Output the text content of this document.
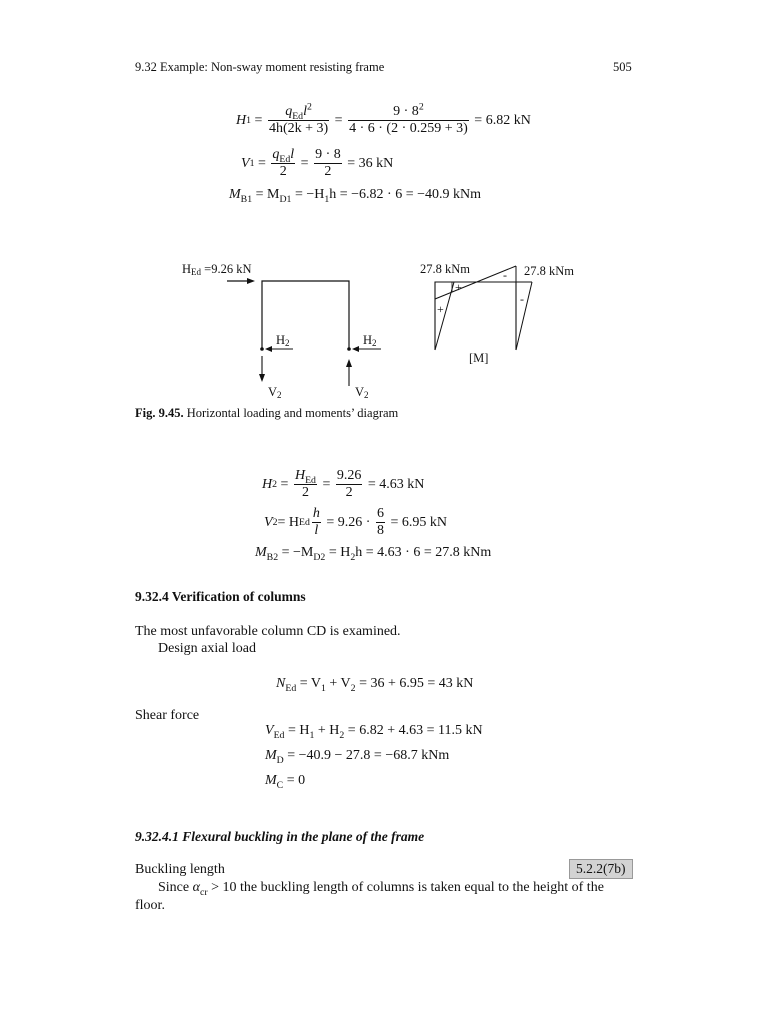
9.32 Example: Non-sway moment resisting frame	505
H $1 = \frac{q_{Ed}l^2}{4h(2k + 3)} = \frac{9 \cdot 8^2}{4 \cdot 6 \cdot (2 \cdot 0.259 + 3)}$
= 6.82 kN
V $1 = \frac{q_{Ed}l}{2} = \frac{9 \cdot 8}{2}$
= 36 kN
$M_{B1} = M_{D1} = -H_1h = -6.82 \cdot 6 = -40.9$ kNm
HEd =9.26 kN
H2	H2
V2	V2
27.8 kNm	27.8 kNm
-
+
+
-
[M]
Fig. 9.45. Horizontal loading and moments’ diagram
H $2 = \frac{H_{Ed}}{2} = \frac{9.26}{2}$
= 4.63 kN
V 2 = H Ed $\frac{h}{l}$
= 9.26 ·
$\frac{6}{8}$
= 6.95 kN
$M_{B2} = -M_{D2} = H_2h = 4.63 \cdot 6 = 27.8$ kNm
9.32.4 Verification of columns
The most unfavorable column CD is examined.
Design axial load
$N_{Ed} = V_1 + V_2 = 36 + 6.95 = 43$ kN
Shear force
$V_{Ed} = H_1 + H_2 = 6.82 + 4.63 = 11.5$ kN
$M_D = -40.9 - 27.8 = -68.7$ kNm
$M_C = 0$
9.32.4.1 Flexural buckling in the plane of the frame
Buckling length	5.2.2(7b)
Since $\alpha_{cr} > 10$ the buckling length of columns is taken equal to the height of the
floor.
